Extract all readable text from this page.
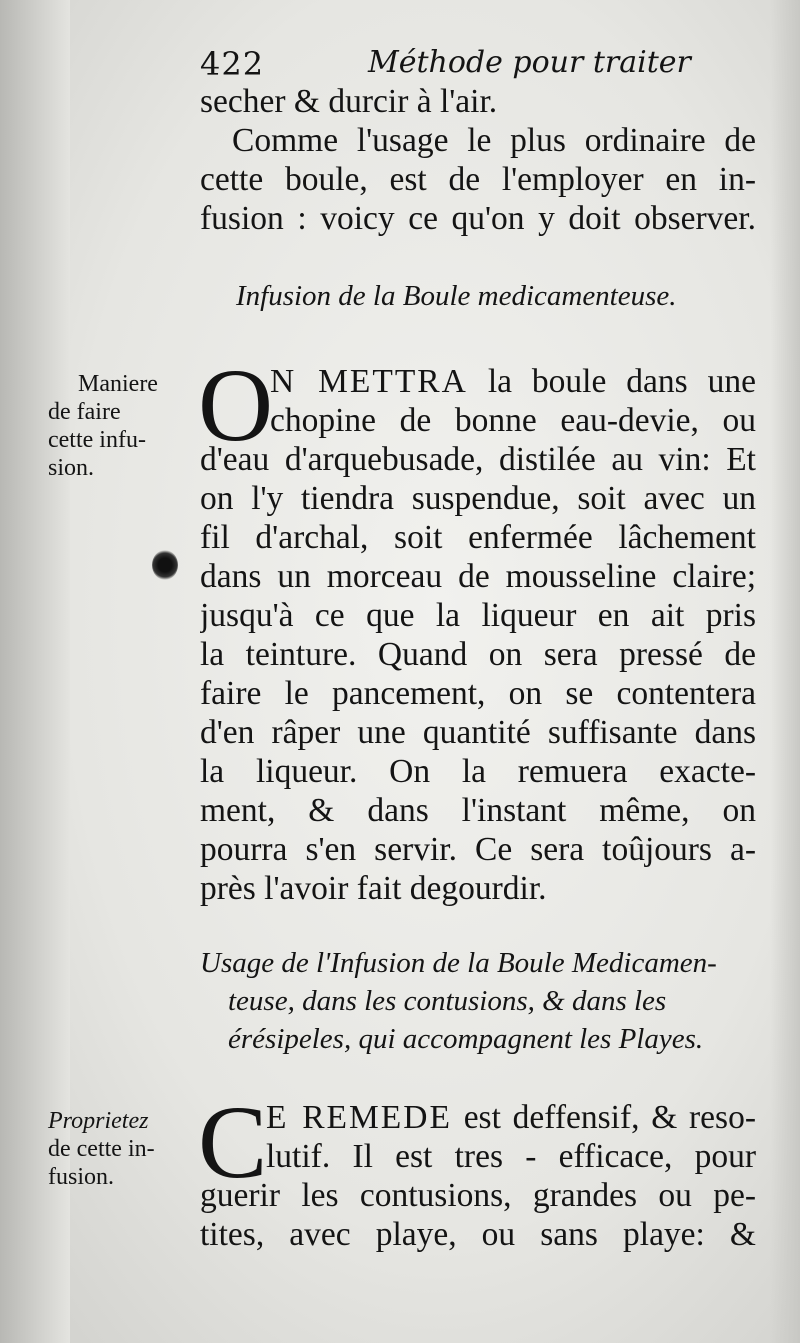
422	Méthode pour traiter
secher & durcir à l'air.
Comme l'usage le plus ordinaire de
cette boule, est de l'employer en in-
fusion : voicy ce qu'on y doit observer.
Infusion de la Boule medicamenteuse.
Maniere
de faire
cette infu-
sion.
O
N METTRA la boule dans une
chopine de bonne eau-devie, ou
d'eau d'arquebusade, distilée au vin: Et
on l'y tiendra suspendue, soit avec un
fil d'archal, soit enfermée lâchement
dans un morceau de mousseline claire;
jusqu'à ce que la liqueur en ait pris
la teinture. Quand on sera pressé de
faire le pancement, on se contentera
d'en râper une quantité suffisante dans
la liqueur. On la remuera exacte-
ment, & dans l'instant même, on
pourra s'en servir. Ce sera toûjours a-
près l'avoir fait degourdir.
Usage de l'Infusion de la Boule Medicamen-
teuse, dans les contusions, & dans les
érésipeles, qui accompagnent les Playes.
Proprietez
de cette in-
fusion. C
E REMEDE est deffensif, & reso-
lutif. Il est tres - efficace, pour
guerir les contusions, grandes ou pe-
tites, avec playe, ou sans playe: &
